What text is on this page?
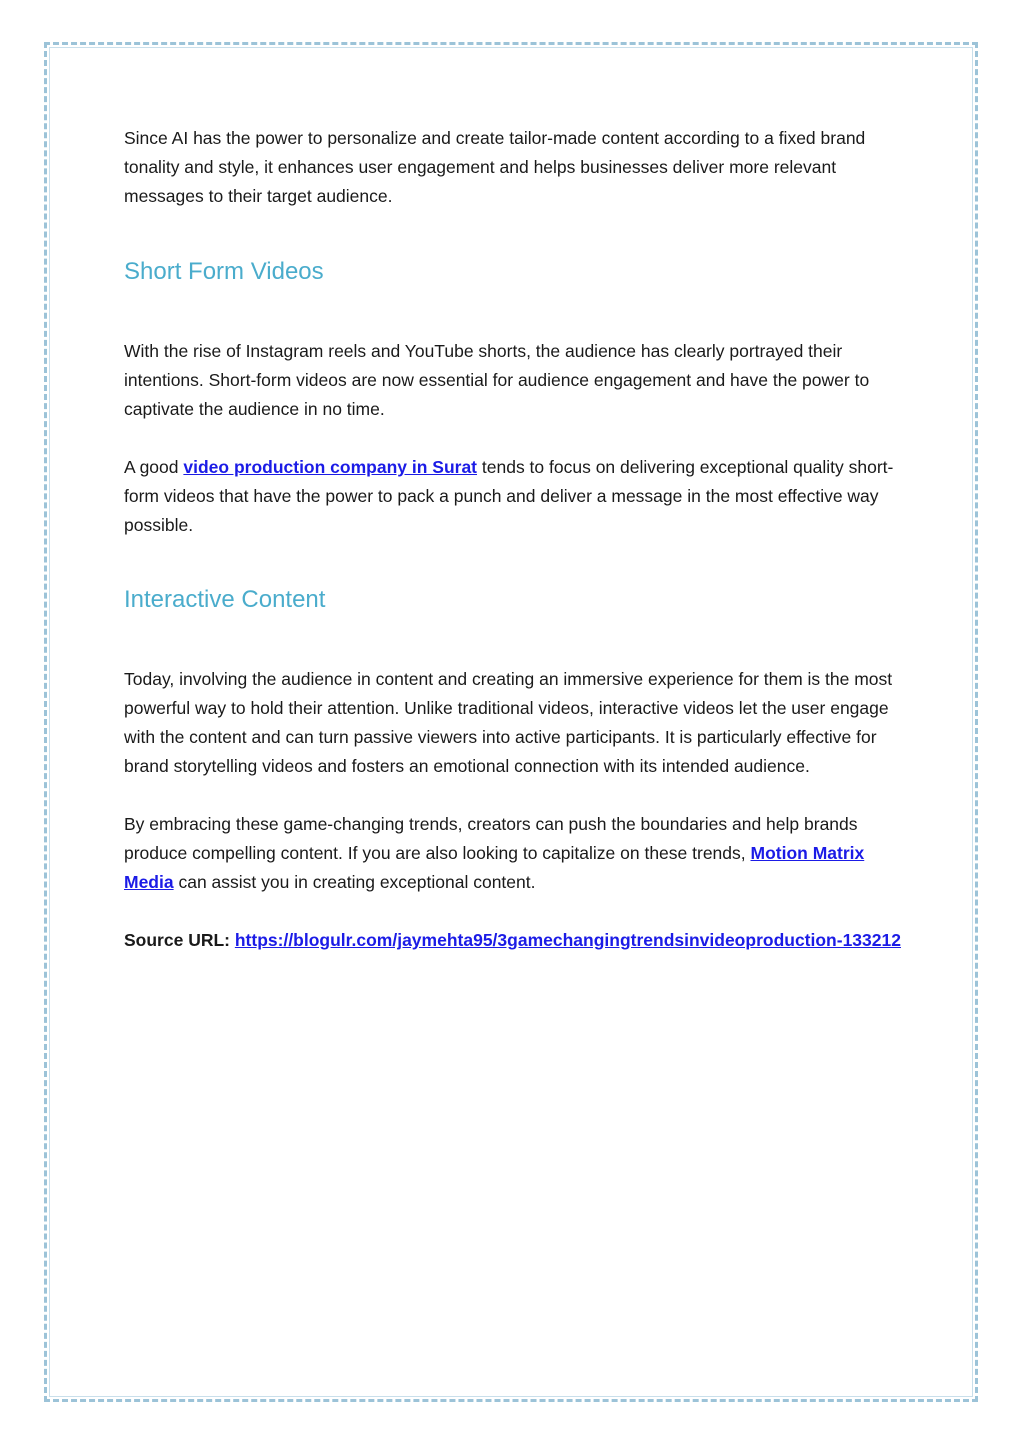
Since AI has the power to personalize and create tailor-made content according to a fixed brand tonality and style, it enhances user engagement and helps businesses deliver more relevant messages to their target audience.

Short Form Videos

With the rise of Instagram reels and YouTube shorts, the audience has clearly portrayed their intentions. Short-form videos are now essential for audience engagement and have the power to captivate the audience in no time.

A good video production company in Surat tends to focus on delivering exceptional quality short-form videos that have the power to pack a punch and deliver a message in the most effective way possible.

Interactive Content

Today, involving the audience in content and creating an immersive experience for them is the most powerful way to hold their attention. Unlike traditional videos, interactive videos let the user engage with the content and can turn passive viewers into active participants. It is particularly effective for brand storytelling videos and fosters an emotional connection with its intended audience.

By embracing these game-changing trends, creators can push the boundaries and help brands produce compelling content. If you are also looking to capitalize on these trends, Motion Matrix Media can assist you in creating exceptional content.

Source URL: https://blogulr.com/jaymehta95/3gamechangingtrendsinvideoproduction-133212
